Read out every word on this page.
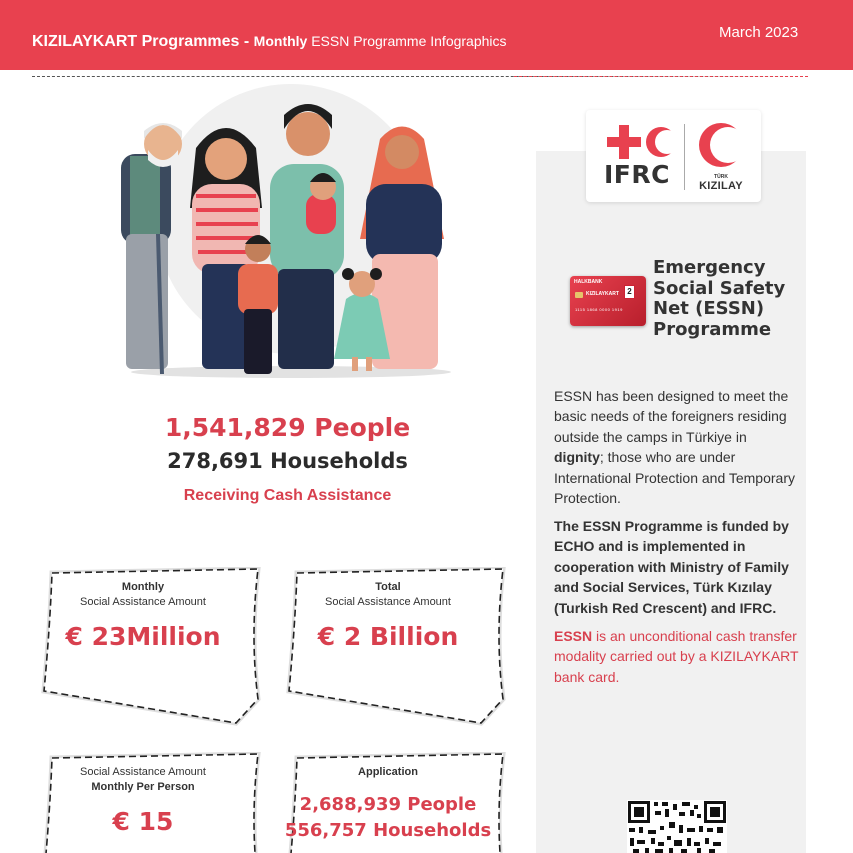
KIZILAYKART Programmes - Monthly ESSN Programme Infographics	March 2023
1,541,829 People
278,691 Households
Receiving Cash Assistance
Monthly
Social Assistance Amount
€ 23Million
Total
Social Assistance Amount
€ 2 Billion
Social Assistance Amount
Monthly Per Person
€ 15
Application
2,688,939 People
556,757 Households
IFRC	TÜRK
KIZILAY
HALKBANK
KIZILAYKART
1115 1868 0000 1919
2
Emergency Social Safety Net (ESSN) Programme
ESSN has been designed to meet the basic needs of the foreigners residing outside the camps in Türkiye in dignity; those who are under International Protection and Temporary Protection.
The ESSN Programme is funded by ECHO and is implemented in cooperation with Ministry of Family and Social Services, Türk Kızılay (Turkish Red Crescent) and IFRC.
ESSN is an unconditional cash transfer modality carried out by a KIZILAYKART bank card.
